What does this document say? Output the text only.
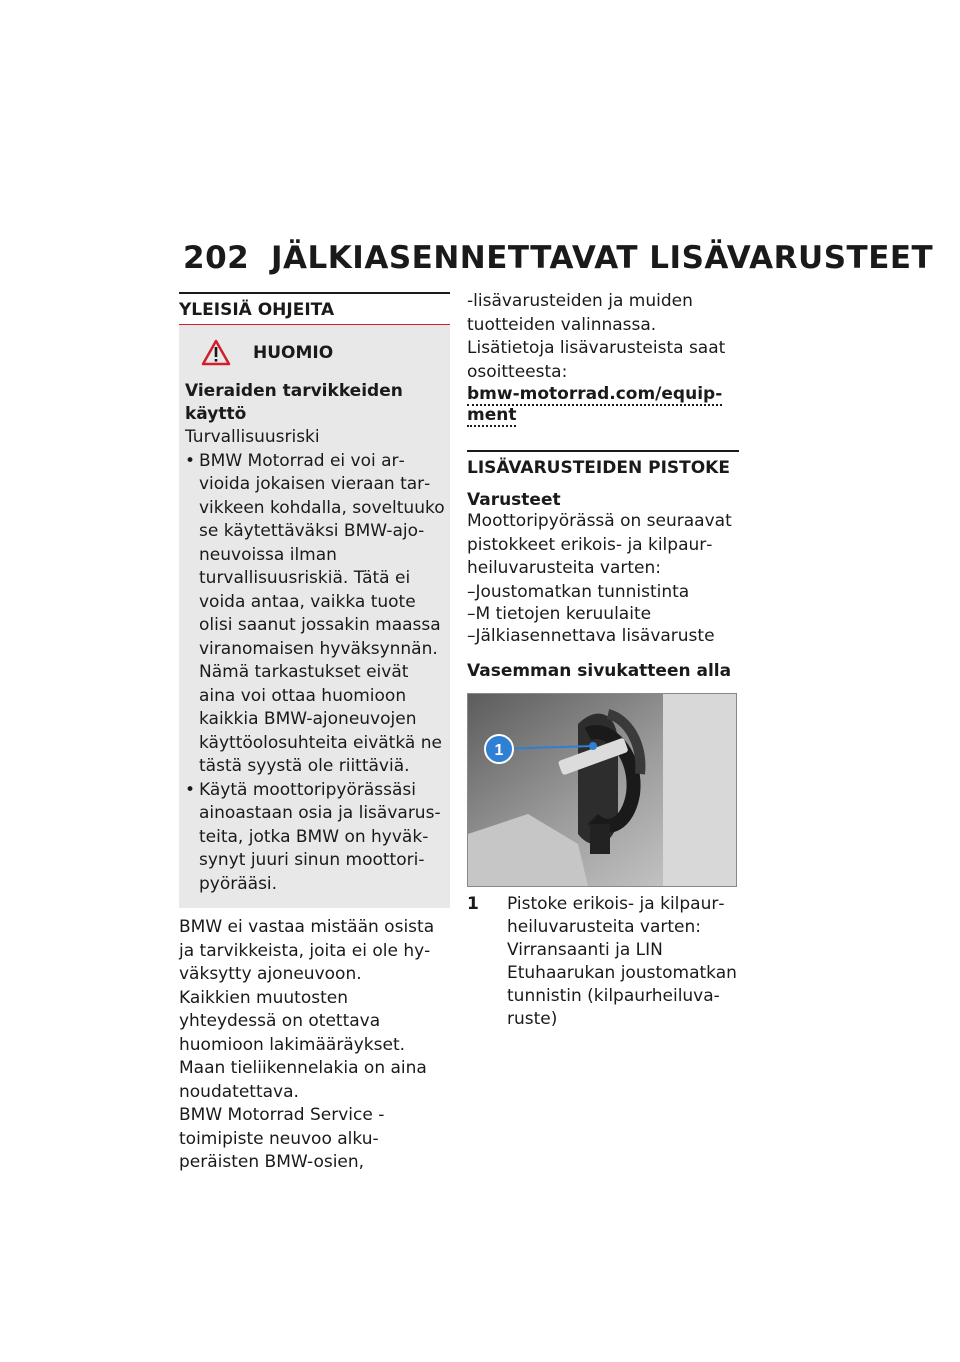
202 JÄLKIASENNETTAVAT LISÄVARUSTEET
YLEISIÄ OHJEITA
HUOMIO
Vieraiden tarvikkeiden käyttö
Turvallisuusriski
• BMW Motorrad ei voi arvioida jokaisen vieraan tarvikkeen kohdalla, soveltuuko se käytettäväksi BMW-ajoneuvoissa ilman turvallisuusriskiä. Tätä ei voida antaa, vaikka tuote olisi saanut jossakin maassa viranomaisen hyväksynnän. Nämä tarkastukset eivät aina voi ottaa huomioon kaikkia BMW-ajoneuvojen käyttöolosuhteita eivätkä ne tästä syystä ole riittäviä.
• Käytä moottoripyörässäsi ainoastaan osia ja lisävarusteita, jotka BMW on hyväksynyt juuri sinun moottoripyörääsi.
BMW ei vastaa mistään osista ja tarvikkeista, joita ei ole hyväksytty ajoneuvoon.
Kaikkien muutosten yhteydessä on otettava huomioon lakimääräykset. Maan tieliikennelakia on aina noudatettava.
BMW Motorrad Service -toimipiste neuvoo alkuperäisten BMW-osien,
-lisävarusteiden ja muiden tuotteiden valinnassa.
Lisätietoja lisävarusteista saat osoitteesta:
bmw-motorrad.com/equipment
LISÄVARUSTEIDEN PISTOKE
Varusteet
Moottoripyörässä on seuraavat pistokkeet erikois- ja kilpaurheiluvarusteita varten:
–Joustomatkan tunnistinta
–M tietojen keruulaite
–Jälkiasennettava lisävaruste
Vasemman sivukatteen alla
1
1	Pistoke erikois- ja kilpaurheiluvarusteita varten:
Virransaanti ja LIN
Etuhaarukan joustomatkan tunnistin (kilpaurheiluvaruste)
